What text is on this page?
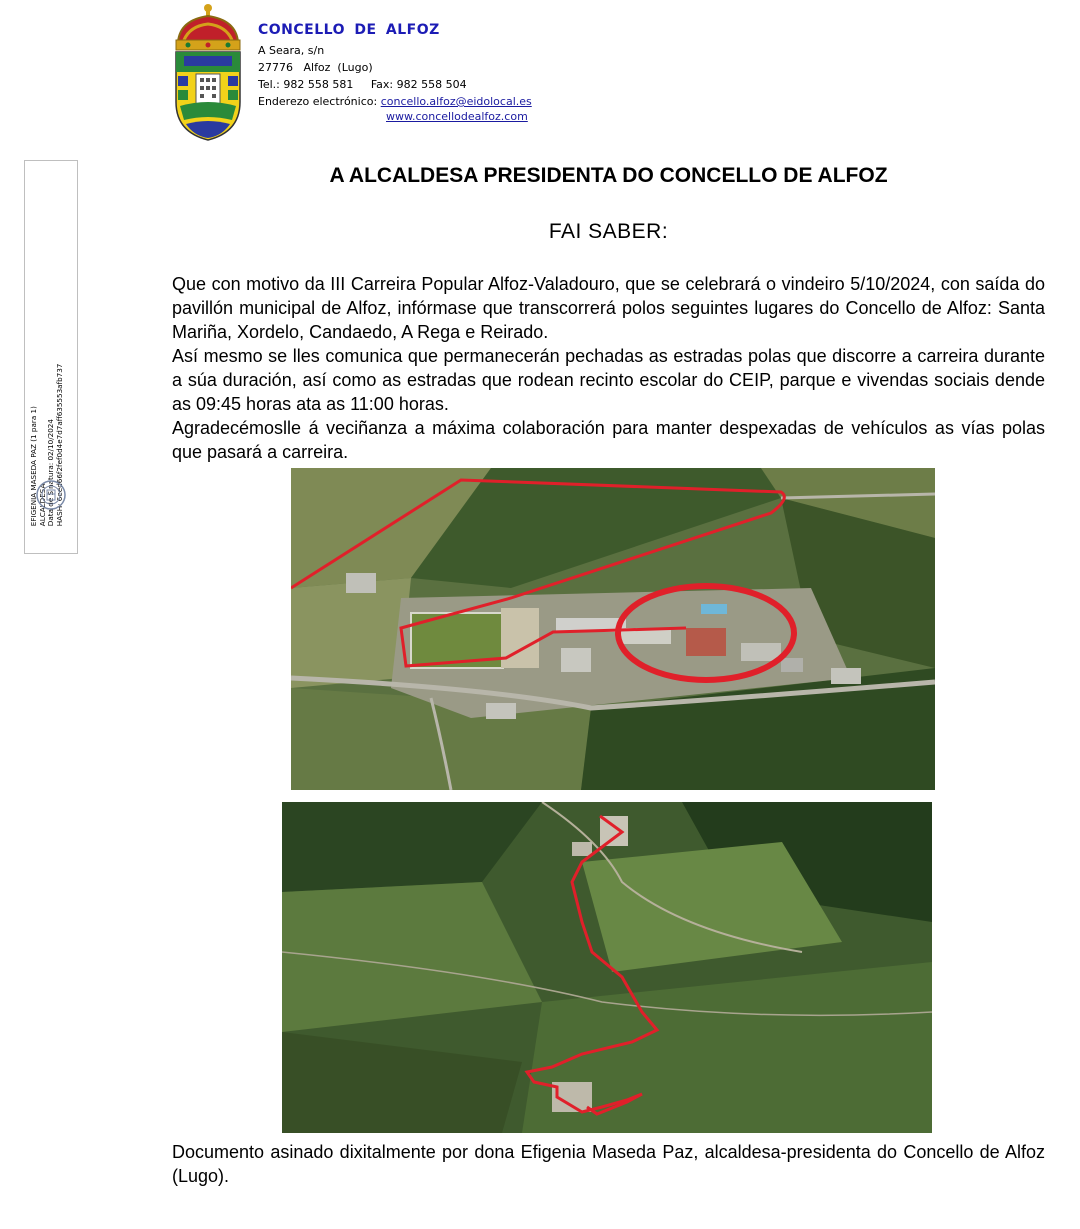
CONCELLO DE ALFOZ
A Seara, s/n
27776   Alfoz  (Lugo)
Tel.: 982 558 581     Fax: 982 558 504
Enderezo electrónico: concello.alfoz@eidolocal.es
www.concellodealfoz.com
EFIGENIA MASEDA PAZ (1 para 1) ALCALDESA Data de Sinatura: 02/10/2024 HASH: 6eed66f2fef0d4e7d7aff635553afb737
A ALCALDESA PRESIDENTA DO CONCELLO DE ALFOZ
FAI SABER:
Que con motivo da III Carreira Popular Alfoz-Valadouro, que se celebrará o vindeiro 5/10/2024, con saída do pavillón municipal de Alfoz, infórmase que transcorrerá polos seguintes lugares do Concello de Alfoz: Santa Mariña, Xordelo, Candaedo, A Rega e Reirado.
Así mesmo se lles comunica que permanecerán pechadas as estradas polas que discorre a carreira durante a súa duración, así como as estradas que rodean recinto escolar do CEIP, parque e vivendas sociais dende as 09:45 horas ata as 11:00 horas.
Agradecémoslle á veciñanza a máxima colaboración para manter despexadas de vehículos as vías polas que pasará a carreira.
Documento asinado dixitalmente por dona Efigenia Maseda Paz, alcaldesa-presidenta do Concello de Alfoz (Lugo).
